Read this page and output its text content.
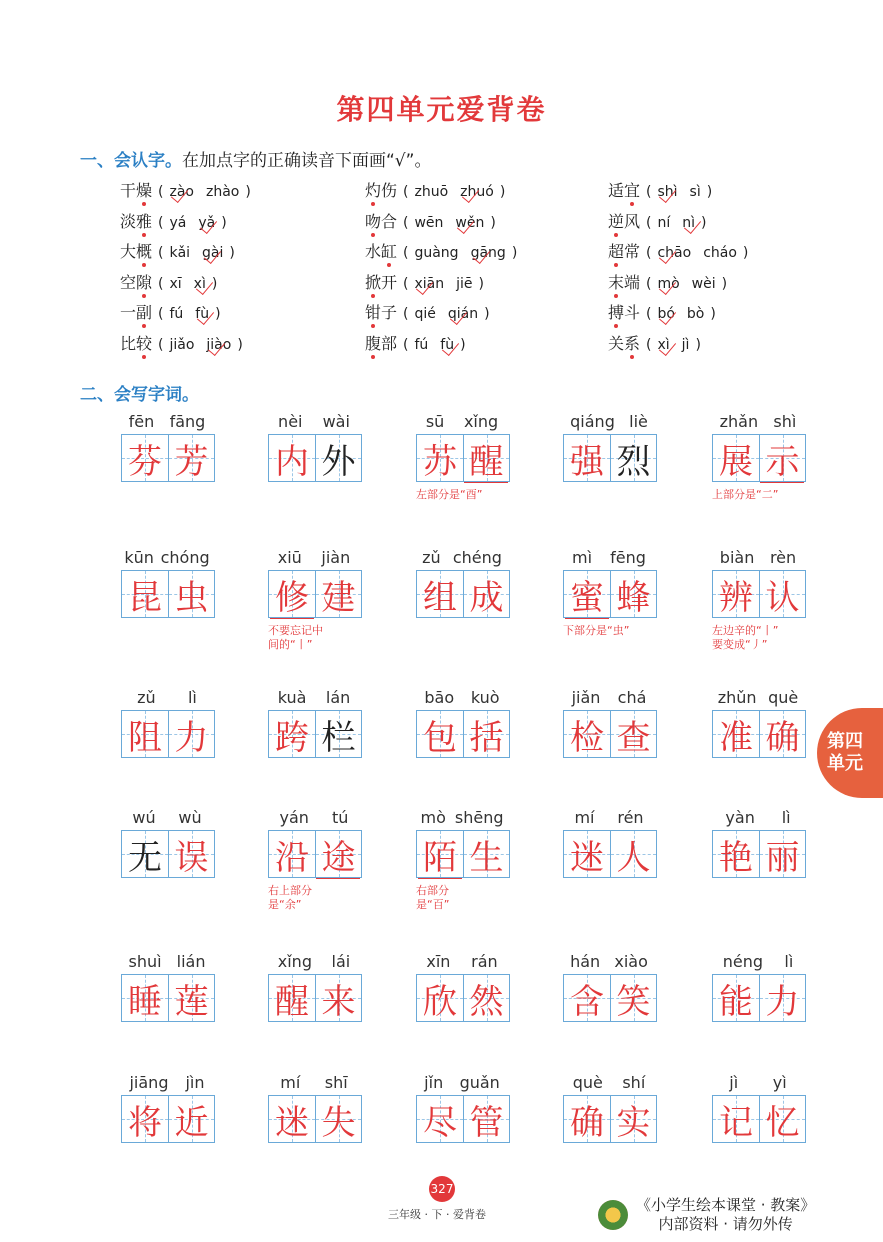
第四单元爱背卷
一、会认字。在加点字的正确读音下面画“√”。
干燥 ( zào zhào )	灼伤 ( zhuō zhuó )	适宜 ( shì sì )
淡雅 ( yá yǎ )	吻合 ( wēn wěn )	逆风 ( ní nì )
大概 ( kǎi gài )	水缸 ( guàng gāng )	超常 ( chāo cháo )
空隙 ( xī xì )	掀开 ( xiān jiē )	末端 ( mò wèi )
一副 ( fú fù )	钳子 ( qié qián )	搏斗 ( bó bò )
比较 ( jiǎo jiào )	腹部 ( fú fù )	关系 ( xì jì )
二、会写字词。
fēn fāng
芬 芳
nèi wài
内 外
sū xǐng
苏 醒
左部分是“酉”
qiáng liè
强 烈
zhǎn shì
展 示
上部分是“二”
kūn chóng
昆 虫
xiū jiàn
修 建
不要忘记中
间的“丨”
zǔ chéng
组 成
mì fēng
蜜 蜂
下部分是“虫”
biàn rèn
辨 认
左边辛的“丨”
要变成“丿”
zǔ lì
阻 力
kuà lán
跨 栏
bāo kuò
包 括
jiǎn chá
检 查
zhǔn què
准 确
wú wù
无 误
yán tú
沿 途
右上部分
是“余”
mò shēng
陌 生
右部分
是“百”
mí rén
迷 人
yàn lì
艳 丽
shuì lián
睡 莲
xǐng lái
醒 来
xīn rán
欣 然
hán xiào
含 笑
néng lì
能 力
jiāng jìn
将 近
mí shī
迷 失
jǐn guǎn
尽 管
què shí
确 实
jì yì
记 忆
第四
单元
327
三年级 · 下 · 爱背卷
《小学生绘本课堂 · 教案》
内部资料 · 请勿外传
